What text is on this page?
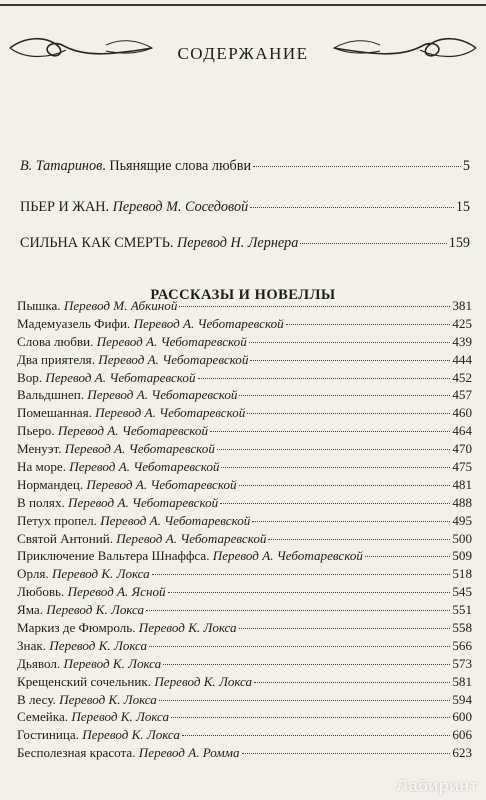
СОДЕРЖАНИЕ
В. Татаринов. Пьянящие слова любви	5
ПЬЕР И ЖАН. Перевод М. Соседовой	15
СИЛЬНА КАК СМЕРТЬ. Перевод Н. Лернера	159
РАССКАЗЫ И НОВЕЛЛЫ
Пышка. Перевод М. Абкиной	381
Мадемуазель Фифи. Перевод А. Чеботаревской	425
Слова любви. Перевод А. Чеботаревской	439
Два приятеля. Перевод А. Чеботаревской	444
Вор. Перевод А. Чеботаревской	452
Вальдшнеп. Перевод А. Чеботаревской	457
Помешанная. Перевод А. Чеботаревской	460
Пьеро. Перевод А. Чеботаревской	464
Менуэт. Перевод А. Чеботаревской	470
На море. Перевод А. Чеботаревской	475
Нормандец. Перевод А. Чеботаревской	481
В полях. Перевод А. Чеботаревской	488
Петух пропел. Перевод А. Чеботаревской	495
Святой Антоний. Перевод А. Чеботаревской	500
Приключение Вальтера Шнаффса. Перевод А. Чеботаревской	509
Орля. Перевод К. Локса	518
Любовь. Перевод А. Ясной	545
Яма. Перевод К. Локса	551
Маркиз де Фюмроль. Перевод К. Локса	558
Знак. Перевод К. Локса	566
Дьявол. Перевод К. Локса	573
Крещенский сочельник. Перевод К. Локса	581
В лесу. Перевод К. Локса	594
Семейка. Перевод К. Локса	600
Гостиница. Перевод К. Локса	606
Бесполезная красота. Перевод А. Ромма	623
Лабиринт
